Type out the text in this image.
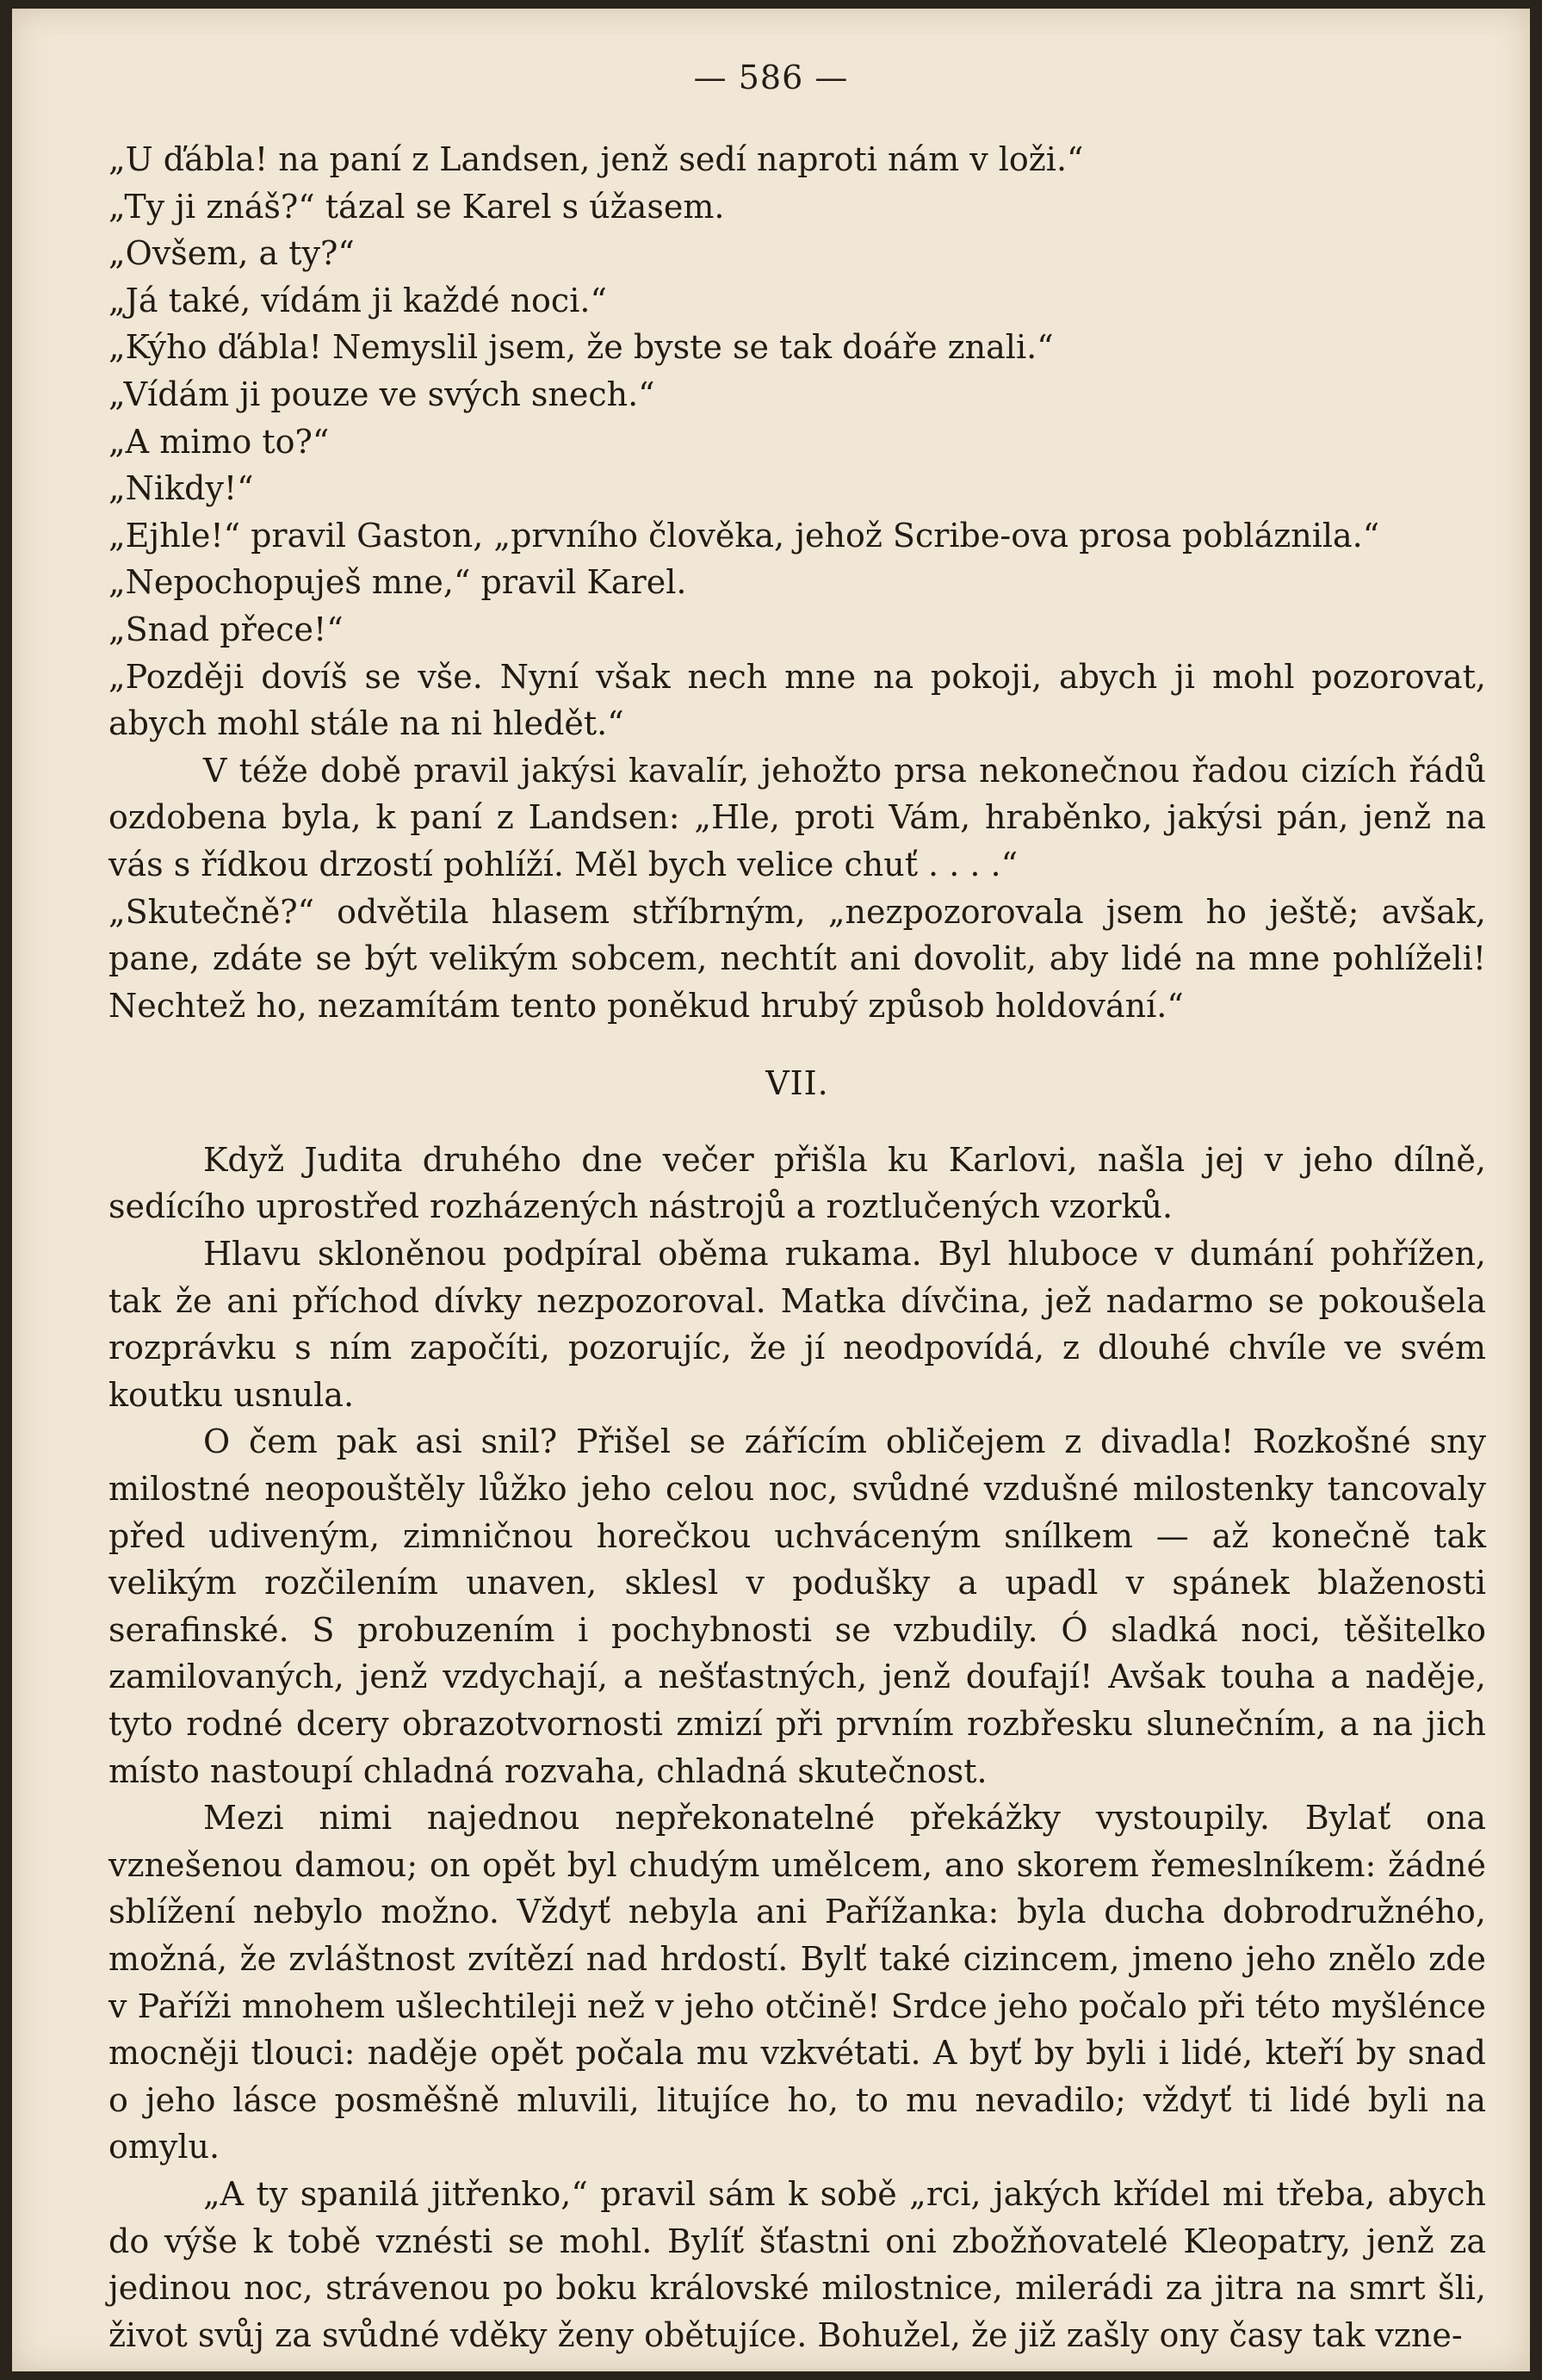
— 586 —

„U ďábla! na paní z Landsen, jenž sedí naproti nám v loži.“

„Ty ji znáš?“ tázal se Karel s úžasem.

„Ovšem, a ty?“

„Já také, vídám ji každé noci.“

„Kýho ďábla! Nemyslil jsem, že byste se tak doáře znali.“

„Vídám ji pouze ve svých snech.“

„A mimo to?“

„Nikdy!“

„Ejhle!“ pravil Gaston, „prvního člověka, jehož Scribe-ova prosa pobláznila.“

„Nepochopuješ mne,“ pravil Karel.

„Snad přece!“

„Později dovíš se vše. Nyní však nech mne na pokoji, abych ji mohl pozorovat, abych mohl stále na ni hledět.“

V téže době pravil jakýsi kavalír, jehožto prsa nekonečnou řadou cizích řádů ozdobena byla, k paní z Landsen: „Hle, proti Vám, hraběnko, jakýsi pán, jenž na vás s řídkou drzostí pohlíží. Měl bych velice chuť . . . .“

„Skutečně?“ odvětila hlasem stříbrným, „nezpozorovala jsem ho ještě; avšak, pane, zdáte se být velikým sobcem, nechtít ani dovolit, aby lidé na mne pohlíželi! Nechtež ho, nezamítám tento poněkud hrubý způsob holdování.“

VII.

Když Judita druhého dne večer přišla ku Karlovi, našla jej v jeho dílně, sedícího uprostřed rozházených nástrojů a roztlučených vzorků.

Hlavu skloněnou podpíral oběma rukama. Byl hluboce v dumání pohřížen, tak že ani příchod dívky nezpozoroval. Matka dívčina, jež nadarmo se pokoušela rozprávku s ním započíti, pozorujíc, že jí neodpovídá, z dlouhé chvíle ve svém koutku usnula.

O čem pak asi snil? Přišel se zářícím obličejem z divadla! Rozkošné sny milostné neopouštěly lůžko jeho celou noc, svůdné vzdušné milostenky tancovaly před udiveným, zimničnou horečkou uchváceným snílkem — až konečně tak velikým rozčilením unaven, sklesl v podušky a upadl v spánek blaženosti serafinské. S probuzením i pochybnosti se vzbudily. Ó sladká noci, těšitelko zamilovaných, jenž vzdychají, a nešťastných, jenž doufají! Avšak touha a naděje, tyto rodné dcery obrazotvornosti zmizí při prvním rozbřesku slunečním, a na jich místo nastoupí chladná rozvaha, chladná skutečnost.

Mezi nimi najednou nepřekonatelné překážky vystoupily. Bylať ona vznešenou damou; on opět byl chudým umělcem, ano skorem řemeslníkem: žádné sblížení nebylo možno. Vždyť nebyla ani Pařížanka: byla ducha dobrodružného, možná, že zvláštnost zvítězí nad hrdostí. Bylť také cizincem, jmeno jeho znělo zde v Paříži mnohem ušlechtileji než v jeho otčině! Srdce jeho počalo při této myšlénce mocněji tlouci: naděje opět počala mu vzkvétati. A byť by byli i lidé, kteří by snad o jeho lásce posměšně mluvili, litujíce ho, to mu nevadilo; vždyť ti lidé byli na omylu.

„A ty spanilá jitřenko,“ pravil sám k sobě „rci, jakých křídel mi třeba, abych do výše k tobě vznésti se mohl. Bylíť šťastni oni zbožňovatelé Kleopatry, jenž za jedinou noc, strávenou po boku královské milostnice, milerádi za jitra na smrt šli, život svůj za svůdné vděky ženy obětujíce. Bohužel, že již zašly ony časy tak vzne-
